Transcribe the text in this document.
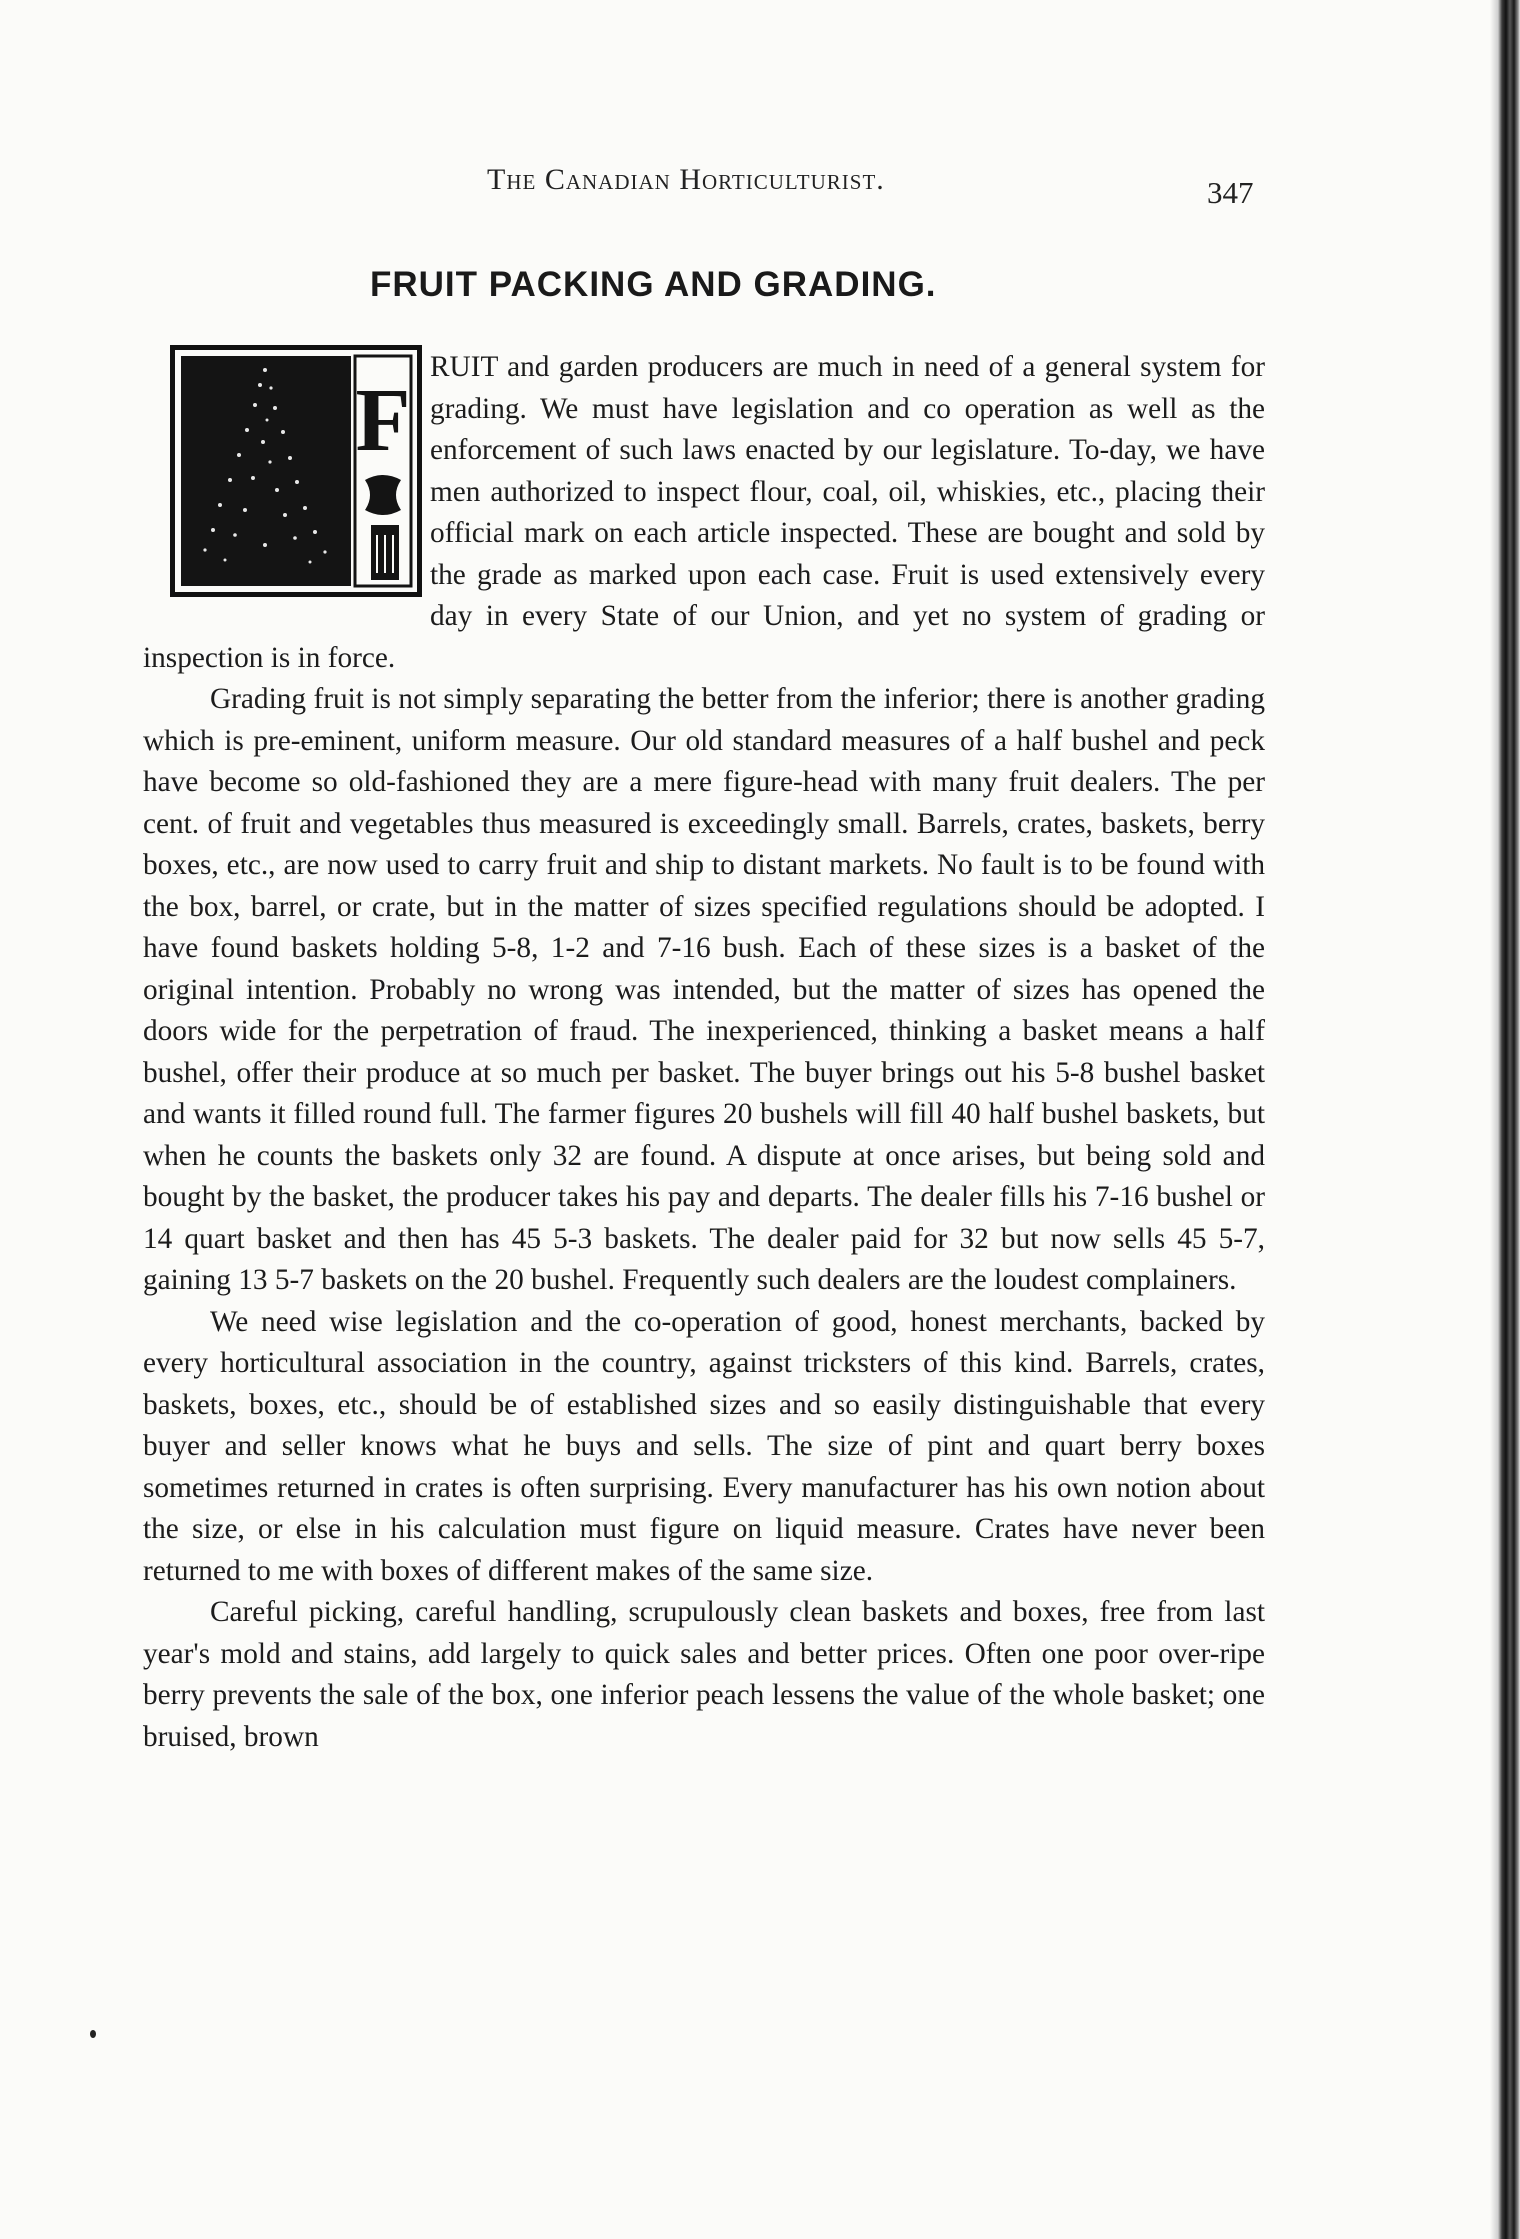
The Canadian Horticulturist.	347
FRUIT PACKING AND GRADING.
F

RUIT and garden producers are much in need of a general system for grading. We must have legislation and co operation as well as the enforcement of such laws enacted by our legislature. To-day, we have men authorized to inspect flour, coal, oil, whiskies, etc., placing their official mark on each article inspected. These are bought and sold by the grade as marked upon each case. Fruit is used extensively every day in every State of our Union, and yet no system of grading or inspection is in force.

Grading fruit is not simply separating the better from the inferior; there is another grading which is pre-eminent, uniform measure. Our old standard measures of a half bushel and peck have become so old-fashioned they are a mere figure-head with many fruit dealers. The per cent. of fruit and vegetables thus measured is exceedingly small. Barrels, crates, baskets, berry boxes, etc., are now used to carry fruit and ship to distant markets. No fault is to be found with the box, barrel, or crate, but in the matter of sizes specified regulations should be adopted. I have found baskets holding 5-8, 1-2 and 7-16 bush. Each of these sizes is a basket of the original intention. Probably no wrong was intended, but the matter of sizes has opened the doors wide for the perpetration of fraud. The inexperienced, thinking a basket means a half bushel, offer their produce at so much per basket. The buyer brings out his 5-8 bushel basket and wants it filled round full. The farmer figures 20 bushels will fill 40 half bushel baskets, but when he counts the baskets only 32 are found. A dispute at once arises, but being sold and bought by the basket, the producer takes his pay and departs. The dealer fills his 7-16 bushel or 14 quart basket and then has 45 5-3 baskets. The dealer paid for 32 but now sells 45 5-7, gaining 13 5-7 baskets on the 20 bushel. Frequently such dealers are the loudest complainers.

We need wise legislation and the co-operation of good, honest merchants, backed by every horticultural association in the country, against tricksters of this kind. Barrels, crates, baskets, boxes, etc., should be of established sizes and so easily distinguishable that every buyer and seller knows what he buys and sells. The size of pint and quart berry boxes sometimes returned in crates is often surprising. Every manufacturer has his own notion about the size, or else in his calculation must figure on liquid measure. Crates have never been returned to me with boxes of different makes of the same size.

Careful picking, careful handling, scrupulously clean baskets and boxes, free from last year's mold and stains, add largely to quick sales and better prices. Often one poor over-ripe berry prevents the sale of the box, one inferior peach lessens the value of the whole basket; one bruised, brown
